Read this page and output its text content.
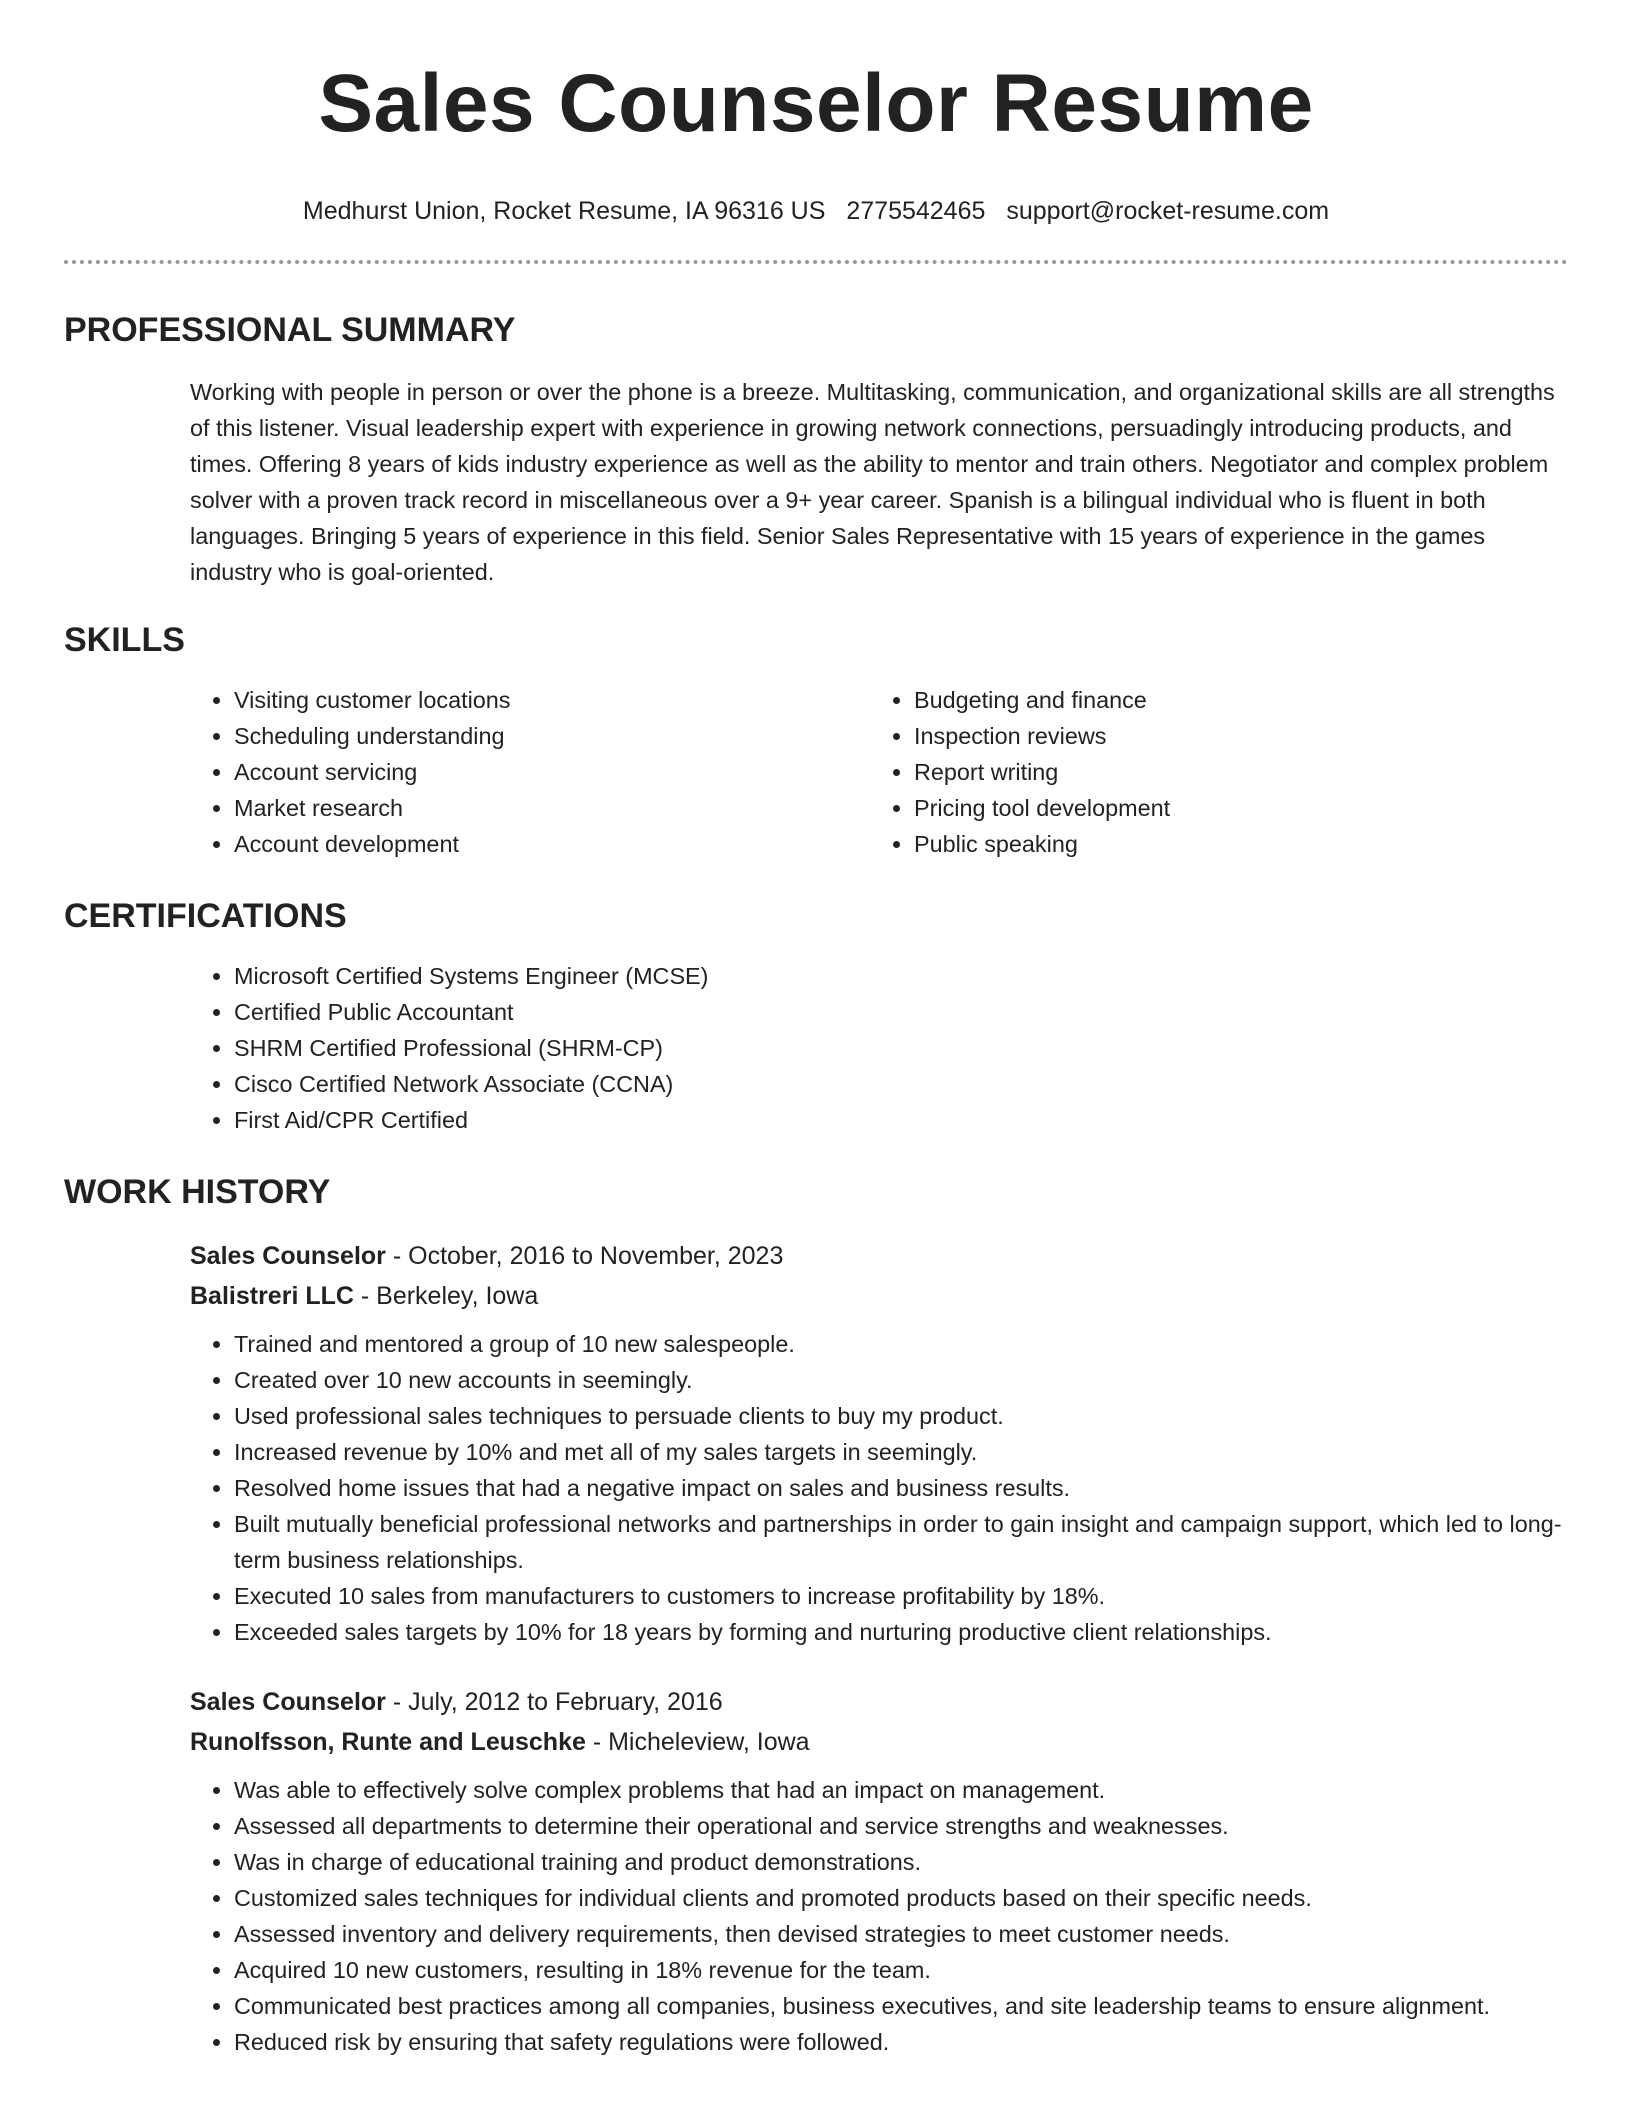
Sales Counselor Resume
Medhurst Union, Rocket Resume, IA 96316 US 2775542465 support@rocket-resume.com
PROFESSIONAL SUMMARY

Working with people in person or over the phone is a breeze. Multitasking, communication, and organizational skills are all strengths of this listener. Visual leadership expert with experience in growing network connections, persuadingly introducing products, and times. Offering 8 years of kids industry experience as well as the ability to mentor and train others. Negotiator and complex problem solver with a proven track record in miscellaneous over a 9+ year career. Spanish is a bilingual individual who is fluent in both languages. Bringing 5 years of experience in this field. Senior Sales Representative with 15 years of experience in the games industry who is goal-oriented.

SKILLS
• Visiting customer locations
• Scheduling understanding
• Account servicing
• Market research
• Account development
• Budgeting and finance
• Inspection reviews
• Report writing
• Pricing tool development
• Public speaking
CERTIFICATIONS
• Microsoft Certified Systems Engineer (MCSE)
• Certified Public Accountant
• SHRM Certified Professional (SHRM-CP)
• Cisco Certified Network Associate (CCNA)
• First Aid/CPR Certified
WORK HISTORY
Sales Counselor - October, 2016 to November, 2023
Balistreri LLC - Berkeley, Iowa
• Trained and mentored a group of 10 new salespeople.
• Created over 10 new accounts in seemingly.
• Used professional sales techniques to persuade clients to buy my product.
• Increased revenue by 10% and met all of my sales targets in seemingly.
• Resolved home issues that had a negative impact on sales and business results.
• Built mutually beneficial professional networks and partnerships in order to gain insight and campaign support, which led to long-term business relationships.
• Executed 10 sales from manufacturers to customers to increase profitability by 18%.
• Exceeded sales targets by 10% for 18 years by forming and nurturing productive client relationships.
Sales Counselor - July, 2012 to February, 2016
Runolfsson, Runte and Leuschke - Micheleview, Iowa
• Was able to effectively solve complex problems that had an impact on management.
• Assessed all departments to determine their operational and service strengths and weaknesses.
• Was in charge of educational training and product demonstrations.
• Customized sales techniques for individual clients and promoted products based on their specific needs.
• Assessed inventory and delivery requirements, then devised strategies to meet customer needs.
• Acquired 10 new customers, resulting in 18% revenue for the team.
• Communicated best practices among all companies, business executives, and site leadership teams to ensure alignment.
• Reduced risk by ensuring that safety regulations were followed.
